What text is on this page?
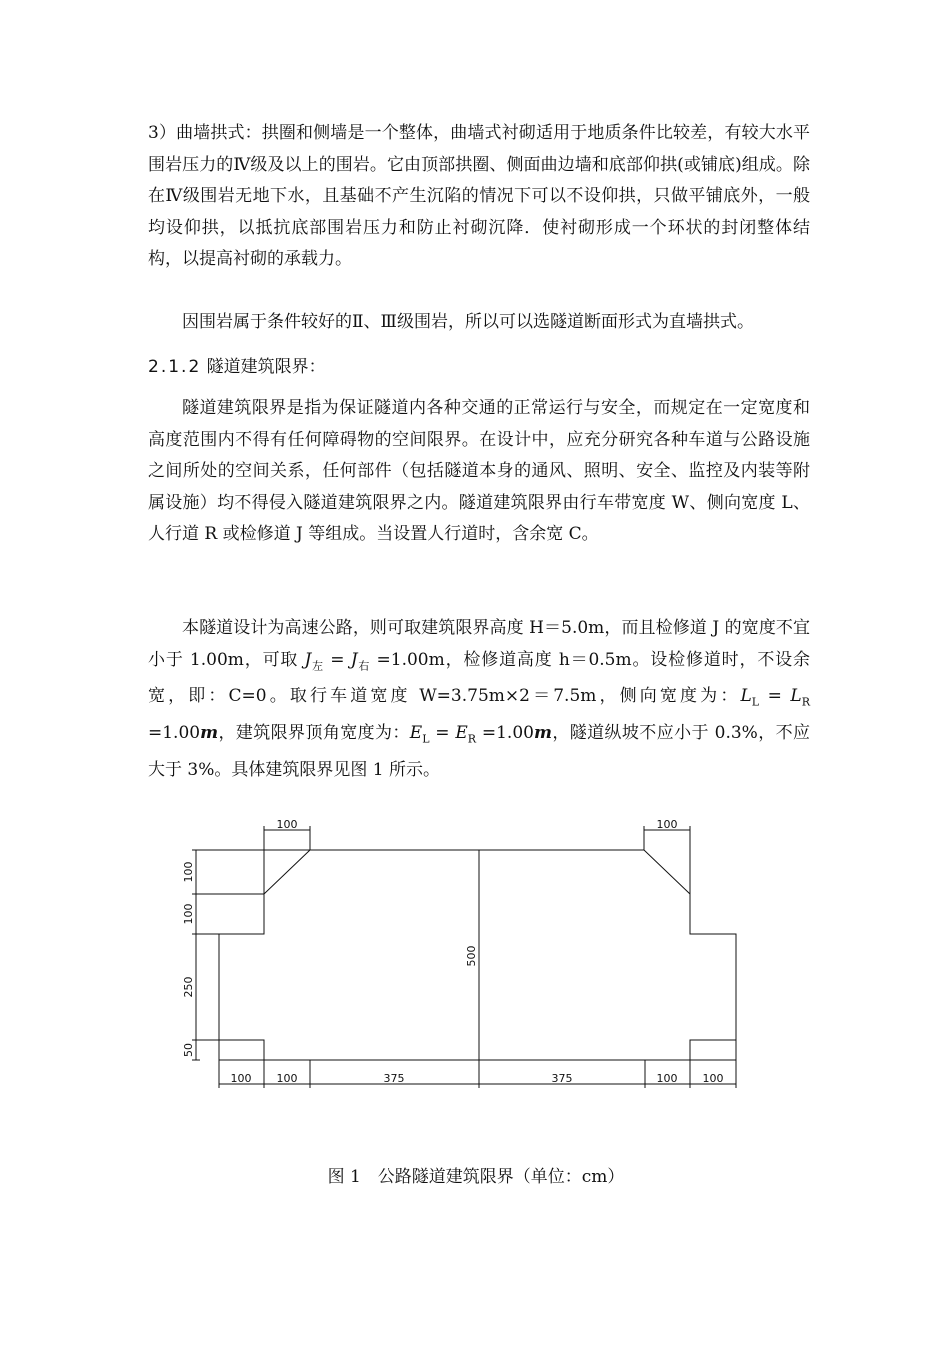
3）曲墙拱式：拱圈和侧墙是一个整体，曲墙式衬砌适用于地质条件比较差，有较大水平围岩压力的Ⅳ级及以上的围岩。它由顶部拱圈、侧面曲边墙和底部仰拱(或铺底)组成。除在Ⅳ级围岩无地下水，且基础不产生沉陷的情况下可以不设仰拱，只做平铺底外，一般均设仰拱，以抵抗底部围岩压力和防止衬砌沉降．使衬砌形成一个环状的封闭整体结构，以提高衬砌的承载力。

因围岩属于条件较好的Ⅱ、Ⅲ级围岩，所以可以选隧道断面形式为直墙拱式。

2.1.2 隧道建筑限界：

隧道建筑限界是指为保证隧道内各种交通的正常运行与安全，而规定在一定宽度和高度范围内不得有任何障碍物的空间限界。在设计中，应充分研究各种车道与公路设施之间所处的空间关系，任何部件（包括隧道本身的通风、照明、安全、监控及内装等附属设施）均不得侵入隧道建筑限界之内。隧道建筑限界由行车带宽度 W、侧向宽度 L、人行道 R 或检修道 J 等组成。当设置人行道时，含余宽 C。

本隧道设计为高速公路，则可取建筑限界高度 H＝5.0m，而且检修道 J 的宽度不宜小于 1.00m，可取 $J_左 = J_右 =1.00m$，检修道高度 h＝0.5m。设检修道时，不设余宽，即：C=0。取行车道宽度 W=3.75m×2＝7.5m，侧向宽度为：$L_L = L_R =1.00m$，建筑限界顶角宽度为：$E_L = E_R =1.00m$，隧道纵坡不应小于 0.3%，不应大于 3%。具体建筑限界见图 1 所示。

100	100
100
100
250
50
500
100 100	375	375	100 100

图 1　公路隧道建筑限界（单位：cm）
